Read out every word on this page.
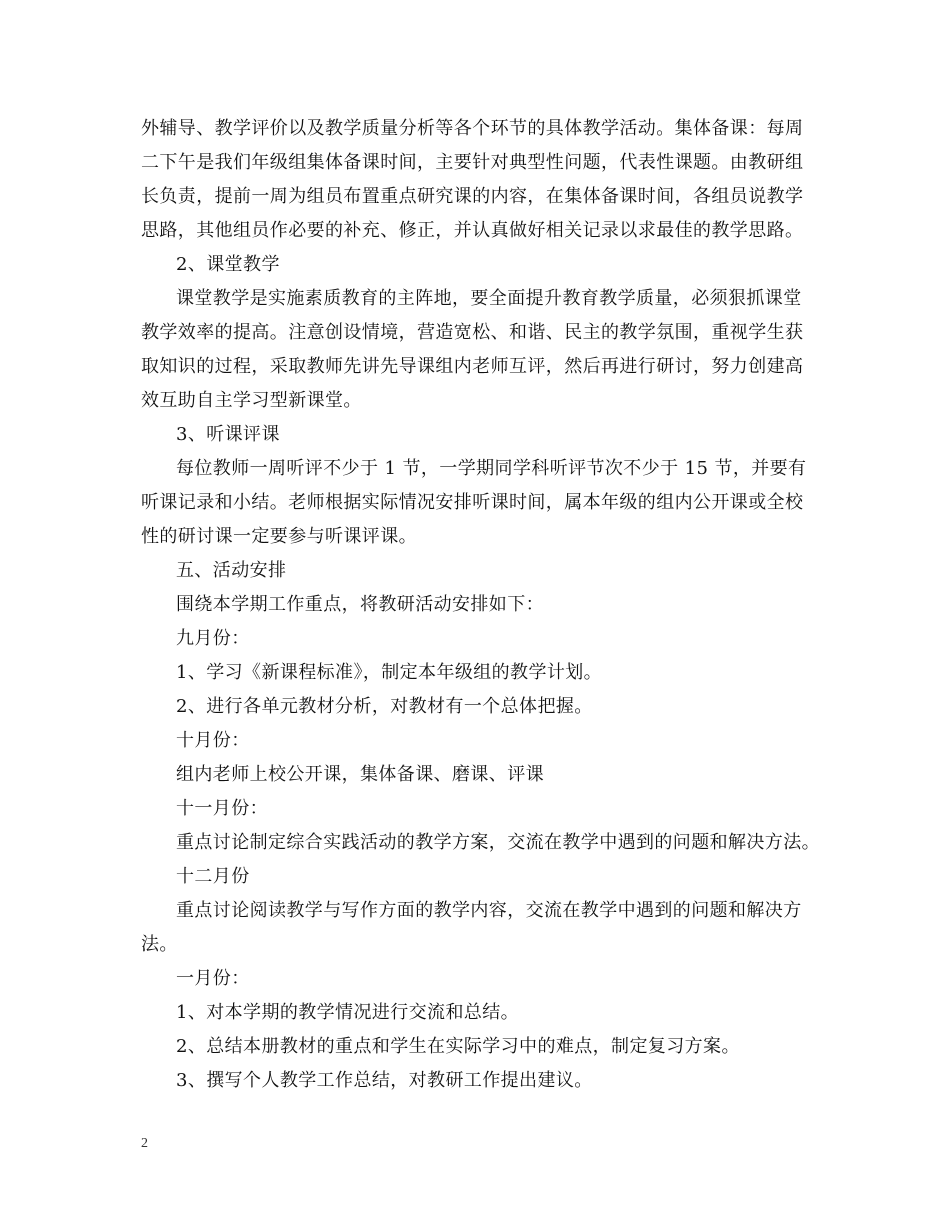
外辅导、教学评价以及教学质量分析等各个环节的具体教学活动。集体备课：每周
二下午是我们年级组集体备课时间，主要针对典型性问题，代表性课题。由教研组
长负责，提前一周为组员布置重点研究课的内容，在集体备课时间，各组员说教学
思路，其他组员作必要的补充、修正，并认真做好相关记录以求最佳的教学思路。
2、课堂教学
课堂教学是实施素质教育的主阵地，要全面提升教育教学质量，必须狠抓课堂
教学效率的提高。注意创设情境，营造宽松、和谐、民主的教学氛围，重视学生获
取知识的过程，采取教师先讲先导课组内老师互评，然后再进行研讨，努力创建高
效互助自主学习型新课堂。
3、听课评课
每位教师一周听评不少于 1 节，一学期同学科听评节次不少于 15 节，并要有
听课记录和小结。老师根据实际情况安排听课时间，属本年级的组内公开课或全校
性的研讨课一定要参与听课评课。
五、活动安排
围绕本学期工作重点，将教研活动安排如下：
九月份：
1、学习《新课程标准》，制定本年级组的教学计划。
2、进行各单元教材分析，对教材有一个总体把握。
十月份：
组内老师上校公开课，集体备课、磨课、评课
十一月份：
重点讨论制定综合实践活动的教学方案，交流在教学中遇到的问题和解决方法。
十二月份
重点讨论阅读教学与写作方面的教学内容，交流在教学中遇到的问题和解决方
法。
一月份：
1、对本学期的教学情况进行交流和总结。
2、总结本册教材的重点和学生在实际学习中的难点，制定复习方案。
3、撰写个人教学工作总结，对教研工作提出建议。
2
